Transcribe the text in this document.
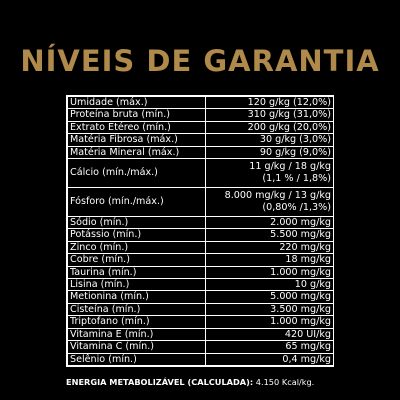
NÍVEIS DE GARANTIA
Umidade (máx.)	120 g/kg (12,0%)
Proteína bruta (mín.)	310 g/kg (31,0%)
Extrato Etéreo (mín.)	200 g/kg (20,0%)
Matéria Fibrosa (máx.)	30 g/kg (3,0%)
Matéria Mineral (máx.)	90 g/kg (9,0%)
Cálcio (mín./máx.)	11 g/kg / 18 g/kg
(1,1 % / 1,8%)

Fósforo (mín./máx.)	8.000 mg/kg / 13 g/kg
(0,80% /1,3%)

Sódio (mín.)	2.000 mg/kg
Potássio (mín.)	5.500 mg/kg
Zinco (mín.)	220 mg/kg
Cobre (mín.)	18 mg/kg
Taurina (mín.)	1.000 mg/kg
Lisina (mín.)	10 g/kg
Metionina (mín.)	5.000 mg/kg
Cisteína (mín.)	3.500 mg/kg
Triptofano (mín.)	1.000 mg/kg
Vitamina E (mín.)	420 UI/kg
Vitamina C (mín.)	65 mg/kg
Selênio (mín.)	0,4 mg/kg
ENERGIA METABOLIZÁVEL (CALCULADA): 4.150 Kcal/kg.
